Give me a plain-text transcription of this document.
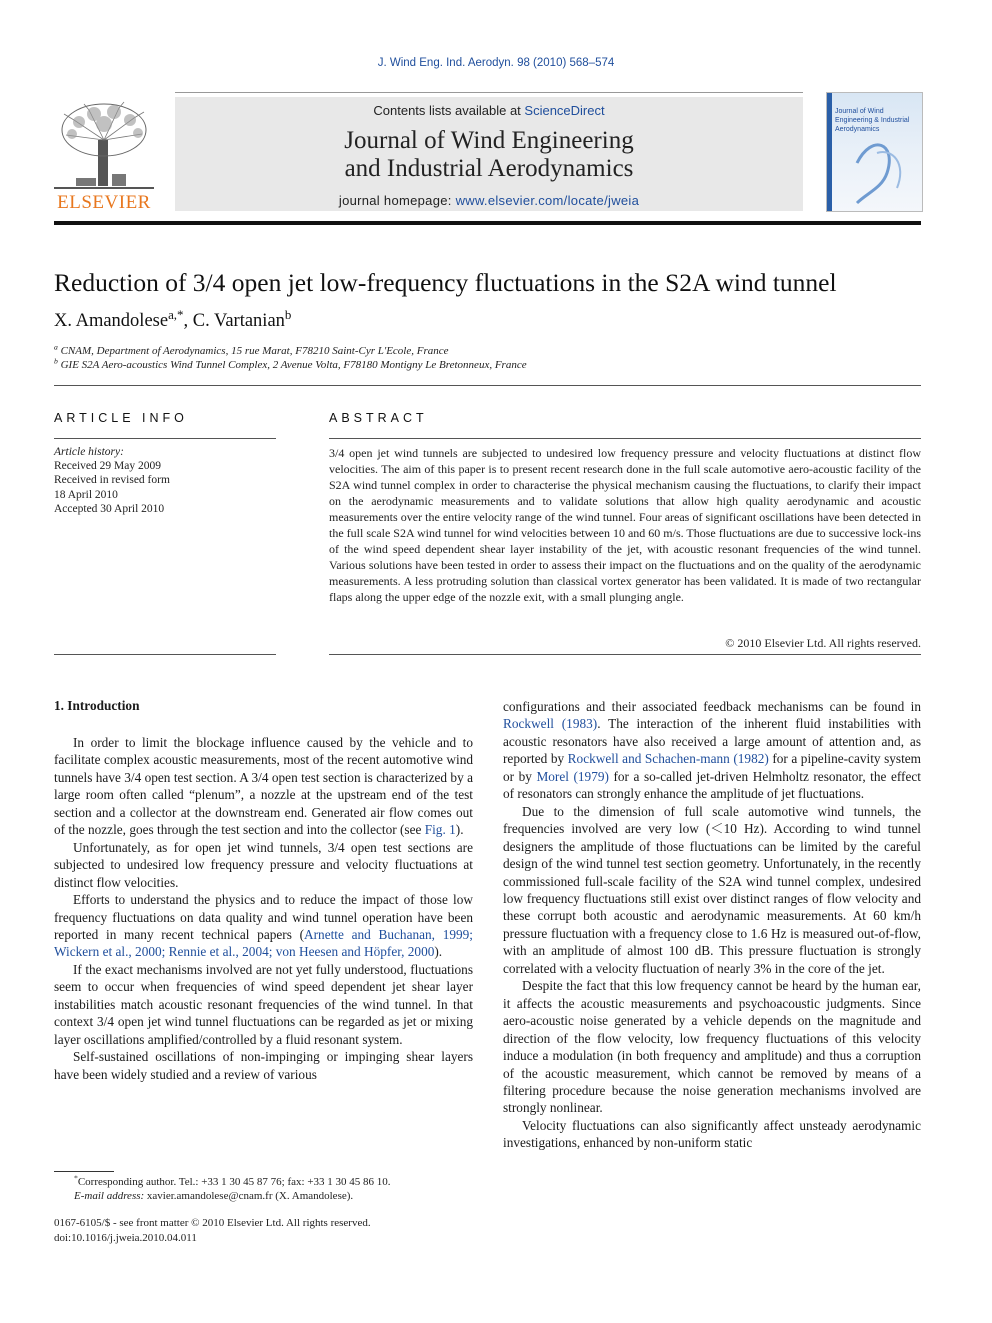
J. Wind Eng. Ind. Aerodyn. 98 (2010) 568–574
ELSEVIER
Contents lists available at ScienceDirect
Journal of Wind Engineering
and Industrial Aerodynamics
journal homepage: www.elsevier.com/locate/jweia
Journal of Wind Engineering & Industrial Aerodynamics
Reduction of 3/4 open jet low-frequency fluctuations in the S2A wind tunnel
X. Amandolese$^{a,*}$, C. Vartanian$^b$
$^a$ CNAM, Department of Aerodynamics, 15 rue Marat, F78210 Saint-Cyr L'Ecole, France
$^b$ GIE S2A Aero-acoustics Wind Tunnel Complex, 2 Avenue Volta, F78180 Montigny Le Bretonneux, France
ARTICLE INFO
Article history:
Received 29 May 2009
Received in revised form
18 April 2010
Accepted 30 April 2010
ABSTRACT
3/4 open jet wind tunnels are subjected to undesired low frequency pressure and velocity fluctuations at distinct flow velocities. The aim of this paper is to present recent research done in the full scale automotive aero-acoustic facility of the S2A wind tunnel complex in order to characterise the physical mechanism causing the fluctuations, to clarify their impact on the aerodynamic measurements and to validate solutions that allow high quality aerodynamic and acoustic measurements over the entire velocity range of the wind tunnel. Four areas of significant oscillations have been detected in the full scale S2A wind tunnel for wind velocities between 10 and 60 m/s. Those fluctuations are due to successive lock-ins of the wind speed dependent shear layer instability of the jet, with acoustic resonant frequencies of the wind tunnel. Various solutions have been tested in order to assess their impact on the fluctuations and on the quality of the aerodynamic measurements. A less protruding solution than classical vortex generator has been validated. It is made of two rectangular flaps along the upper edge of the nozzle exit, with a small plunging angle.
© 2010 Elsevier Ltd. All rights reserved.
1. Introduction

In order to limit the blockage influence caused by the vehicle and to facilitate complex acoustic measurements, most of the recent automotive wind tunnels have 3/4 open test section. A 3/4 open test section is characterized by a large room often called “plenum”, a nozzle at the upstream end of the test section and a collector at the downstream end. Generated air flow comes out of the nozzle, goes through the test section and into the collector (see Fig. 1).

Unfortunately, as for open jet wind tunnels, 3/4 open test sections are subjected to undesired low frequency pressure and velocity fluctuations at distinct flow velocities.

Efforts to understand the physics and to reduce the impact of those low frequency fluctuations on data quality and wind tunnel operation have been reported in many recent technical papers (Arnette and Buchanan, 1999; Wickern et al., 2000; Rennie et al., 2004; von Heesen and Höpfer, 2000).

If the exact mechanisms involved are not yet fully understood, fluctuations seem to occur when frequencies of wind speed dependent jet shear layer instabilities match acoustic resonant frequencies of the wind tunnel. In that context 3/4 open jet wind tunnel fluctuations can be regarded as jet or mixing layer oscillations amplified/controlled by a fluid resonant system.

Self-sustained oscillations of non-impinging or impinging shear layers have been widely studied and a review of various

*Corresponding author. Tel.: +33 1 30 45 87 76; fax: +33 1 30 45 86 10.
E-mail address: xavier.amandolese@cnam.fr (X. Amandolese).
0167-6105/$ - see front matter © 2010 Elsevier Ltd. All rights reserved.
doi:10.1016/j.jweia.2010.04.011

configurations and their associated feedback mechanisms can be found in Rockwell (1983). The interaction of the inherent fluid instabilities with acoustic resonators have also received a large amount of attention and, as reported by Rockwell and Schachen-mann (1982) for a pipeline-cavity system or by Morel (1979) for a so-called jet-driven Helmholtz resonator, the effect of resonators can strongly enhance the amplitude of jet fluctuations.

Due to the dimension of full scale automotive wind tunnels, the frequencies involved are very low (＜10 Hz). According to wind tunnel designers the amplitude of those fluctuations can be limited by the careful design of the wind tunnel test section geometry. Unfortunately, in the recently commissioned full-scale facility of the S2A wind tunnel complex, undesired low frequency fluctuations still exist over distinct ranges of flow velocity and these corrupt both acoustic and aerodynamic measurements. At 60 km/h pressure fluctuation with a frequency close to 1.6 Hz is measured out-of-flow, with an amplitude of almost 100 dB. This pressure fluctuation is strongly correlated with a velocity fluctuation of nearly 3% in the core of the jet.

Despite the fact that this low frequency cannot be heard by the human ear, it affects the acoustic measurements and psychoacoustic judgments. Since aero-acoustic noise generated by a vehicle depends on the magnitude and direction of the flow velocity, low frequency fluctuations of this velocity induce a modulation (in both frequency and amplitude) and thus a corruption of the acoustic measurement, which cannot be removed by means of a filtering procedure because the noise generation mechanisms involved are strongly nonlinear.

Velocity fluctuations can also significantly affect unsteady aerodynamic investigations, enhanced by non-uniform static
